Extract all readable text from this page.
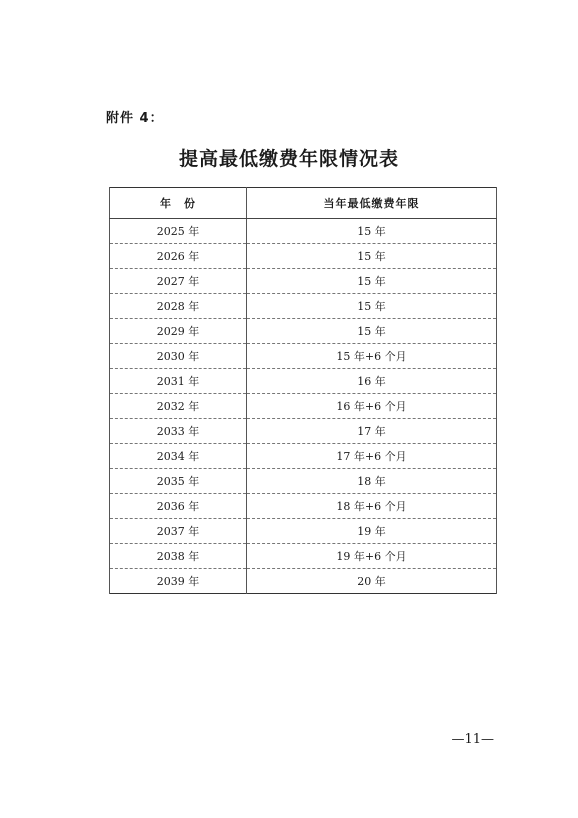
附件 4：
提高最低缴费年限情况表
年　份	当年最低缴费年限
2025 年	15 年
2026 年	15 年
2027 年	15 年
2028 年	15 年
2029 年	15 年
2030 年	15 年+6 个月
2031 年	16 年
2032 年	16 年+6 个月
2033 年	17 年
2034 年	17 年+6 个月
2035 年	18 年
2036 年	18 年+6 个月
2037 年	19 年
2038 年	19 年+6 个月
2039 年	20 年
—11—
